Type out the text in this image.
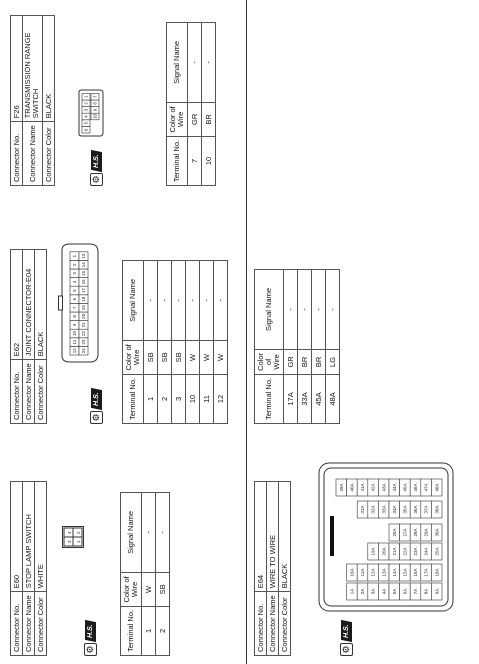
Connector No.	E60
Connector Name	STOP LAMP SWITCH
Connector Color	WHITE
⚙
H.S.
3
4
1
2
Terminal No.	Color of Wire	Signal Name
1	W	-
2	SB	-
Connector No.	E62
Connector Name	JOINT CONNECTOR-E04
Connector Color	BLACK
⚙
H.S.
12
11
10
9
8
7
6
5
4
3
2
1
24
23
22
21
20
19
18
17
16
15
14
13
Terminal No.	Color of Wire	Signal Name
1	SB	-
2	SB	-
3	SB	-
10	W	-
11	W	-
12	W	-
Connector No.	F26
Connector Name	TRANSMISSION RANGE SWITCH
Connector Color	BLACK
⚙
H.S.
6
5
4
3
2
1
10
9
8
7
Terminal No.	Color of Wire	Signal Name
7	GR	-
10	BR	-
Connector No.	E64
Connector Name	WIRE TO WIRE
Connector Color	BLACK
⚙
H.S.
1A 2A 3A 4A 5A 6A 7A 8A 9A
10A 11A 12A 13A 14A 15A 16A 17A 18A
19A 20A 21A 22A 23A 24A 25A
26A 27A 28A 29A 30A
31A 32A 33A 34A 35A 36A 37A 38A
39A 40A 41A 42A 43A 44A 45A 46A 47A 48A
Terminal No.	Color of Wire	Signal Name
17A	GR	-
33A	BR	-
45A	BR	-
48A	LG	-
